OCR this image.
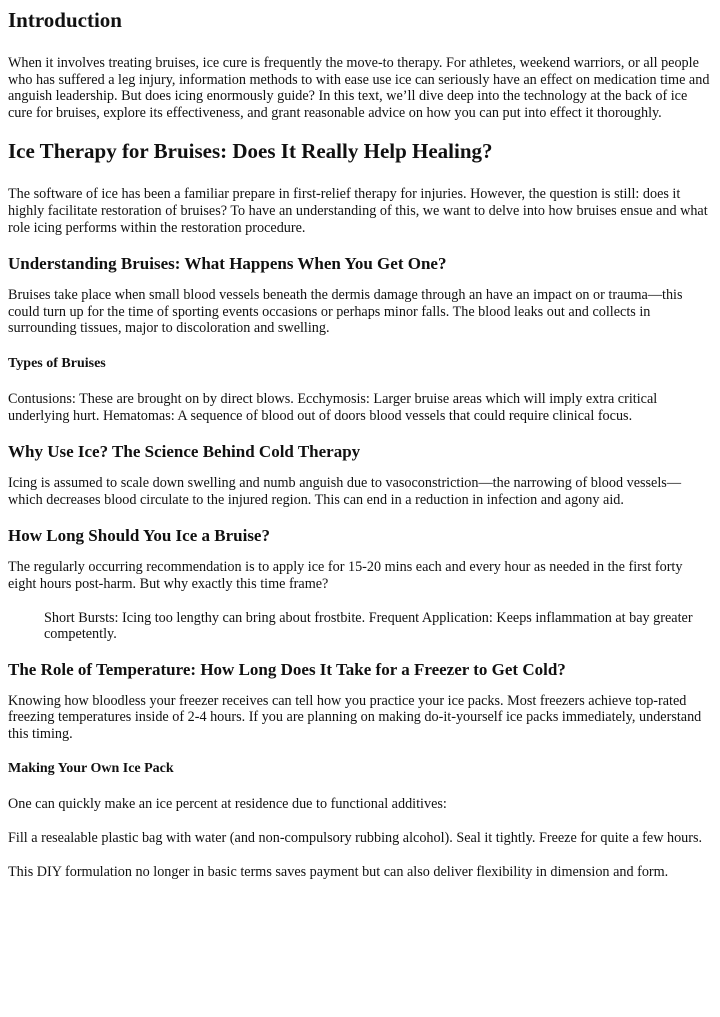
Introduction

When it involves treating bruises, ice cure is frequently the move-to therapy. For athletes, weekend warriors, or all people who has suffered a leg injury, information methods to with ease use ice can seriously have an effect on medication time and anguish leadership. But does icing enormously guide? In this text, we’ll dive deep into the technology at the back of ice cure for bruises, explore its effectiveness, and grant reasonable advice on how you can put into effect it thoroughly.

Ice Therapy for Bruises: Does It Really Help Healing?

The software of ice has been a familiar prepare in first-relief therapy for injuries. However, the question is still: does it highly facilitate restoration of bruises? To have an understanding of this, we want to delve into how bruises ensue and what role icing performs within the restoration procedure.

Understanding Bruises: What Happens When You Get One?

Bruises take place when small blood vessels beneath the dermis damage through an have an impact on or trauma—this could turn up for the time of sporting events occasions or perhaps minor falls. The blood leaks out and collects in surrounding tissues, major to discoloration and swelling.

Types of Bruises

Contusions: These are brought on by direct blows. Ecchymosis: Larger bruise areas which will imply extra critical underlying hurt. Hematomas: A sequence of blood out of doors blood vessels that could require clinical focus.

Why Use Ice? The Science Behind Cold Therapy

Icing is assumed to scale down swelling and numb anguish due to vasoconstriction—the narrowing of blood vessels—which decreases blood circulate to the injured region. This can end in a reduction in infection and agony aid.

How Long Should You Ice a Bruise?

The regularly occurring recommendation is to apply ice for 15-20 mins each and every hour as needed in the first forty eight hours post-harm. But why exactly this time frame?

Short Bursts: Icing too lengthy can bring about frostbite. Frequent Application: Keeps inflammation at bay greater competently.
The Role of Temperature: How Long Does It Take for a Freezer to Get Cold?

Knowing how bloodless your freezer receives can tell how you practice your ice packs. Most freezers achieve top-rated freezing temperatures inside of 2-4 hours. If you are planning on making do-it-yourself ice packs immediately, understand this timing.

Making Your Own Ice Pack

One can quickly make an ice percent at residence due to functional additives:

Fill a resealable plastic bag with water (and non-compulsory rubbing alcohol). Seal it tightly. Freeze for quite a few hours.

This DIY formulation no longer in basic terms saves payment but can also deliver flexibility in dimension and form.
